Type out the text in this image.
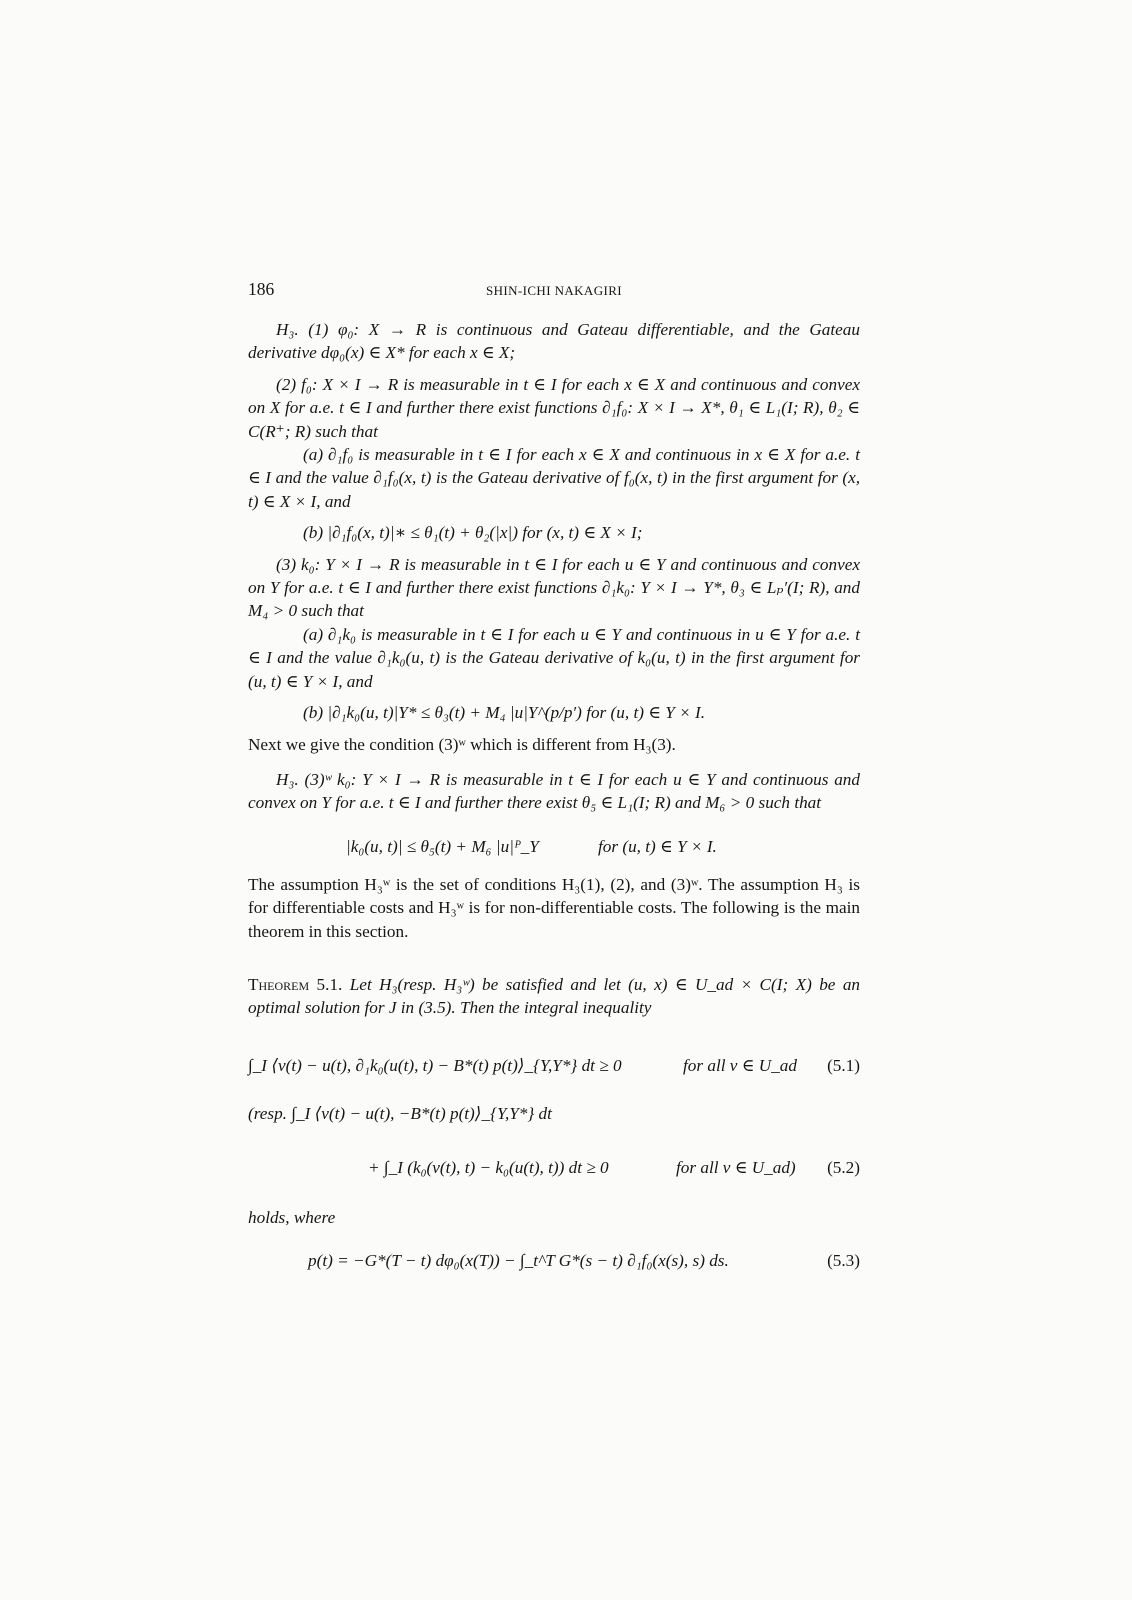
186	SHIN-ICHI NAKAGIRI

H₃. (1) φ₀: X → R is continuous and Gateau differentiable, and the Gateau derivative dφ₀(x) ∈ X* for each x ∈ X;

(2) f₀: X × I → R is measurable in t ∈ I for each x ∈ X and continuous and convex on X for a.e. t ∈ I and further there exist functions ∂₁f₀: X × I → X*, θ₁ ∈ L₁(I; R), θ₂ ∈ C(R⁺; R) such that

(a) ∂₁f₀ is measurable in t ∈ I for each x ∈ X and continuous in x ∈ X for a.e. t ∈ I and the value ∂₁f₀(x, t) is the Gateau derivative of f₀(x, t) in the first argument for (x, t) ∈ X × I, and

(b) |∂₁f₀(x, t)|∗ ≤ θ₁(t) + θ₂(|x|) for (x, t) ∈ X × I;

(3) k₀: Y × I → R is measurable in t ∈ I for each u ∈ Y and continuous and convex on Y for a.e. t ∈ I and further there exist functions ∂₁k₀: Y × I → Y*, θ₃ ∈ Lₚ′(I; R), and M₄ > 0 such that

(a) ∂₁k₀ is measurable in t ∈ I for each u ∈ Y and continuous in u ∈ Y for a.e. t ∈ I and the value ∂₁k₀(u, t) is the Gateau derivative of k₀(u, t) in the first argument for (u, t) ∈ Y × I, and

(b) |∂₁k₀(u, t)|Y* ≤ θ₃(t) + M₄ |u|Y^(p/p′) for (u, t) ∈ Y × I.

Next we give the condition (3)ʷ which is different from H₃(3).

H₃. (3)ʷ k₀: Y × I → R is measurable in t ∈ I for each u ∈ Y and continuous and convex on Y for a.e. t ∈ I and further there exist θ₅ ∈ L₁(I; R) and M₆ > 0 such that

|k₀(u, t)| ≤ θ₅(t) + M₆ |u|ᴾ_Y	for (u, t) ∈ Y × I.

The assumption H₃ʷ is the set of conditions H₃(1), (2), and (3)ʷ. The assumption H₃ is for differentiable costs and H₃ʷ is for non-differentiable costs. The following is the main theorem in this section.

Theorem 5.1. Let H₃(resp. H₃ʷ) be satisfied and let (u, x) ∈ U_ad × C(I; X) be an optimal solution for J in (3.5). Then the integral inequality

∫_I ⟨v(t) − u(t), ∂₁k₀(u(t), t) − B*(t) p(t)⟩_{Y,Y*} dt ≥ 0	for all v ∈ U_ad (5.1)
(resp. ∫_I ⟨v(t) − u(t), −B*(t) p(t)⟩_{Y,Y*} dt
+ ∫_I (k₀(v(t), t) − k₀(u(t), t)) dt ≥ 0	for all v ∈ U_ad) (5.2)

holds, where

p(t) = −G*(T − t) dφ₀(x(T)) − ∫_t^T G*(s − t) ∂₁f₀(x(s), s) ds.	(5.3)
